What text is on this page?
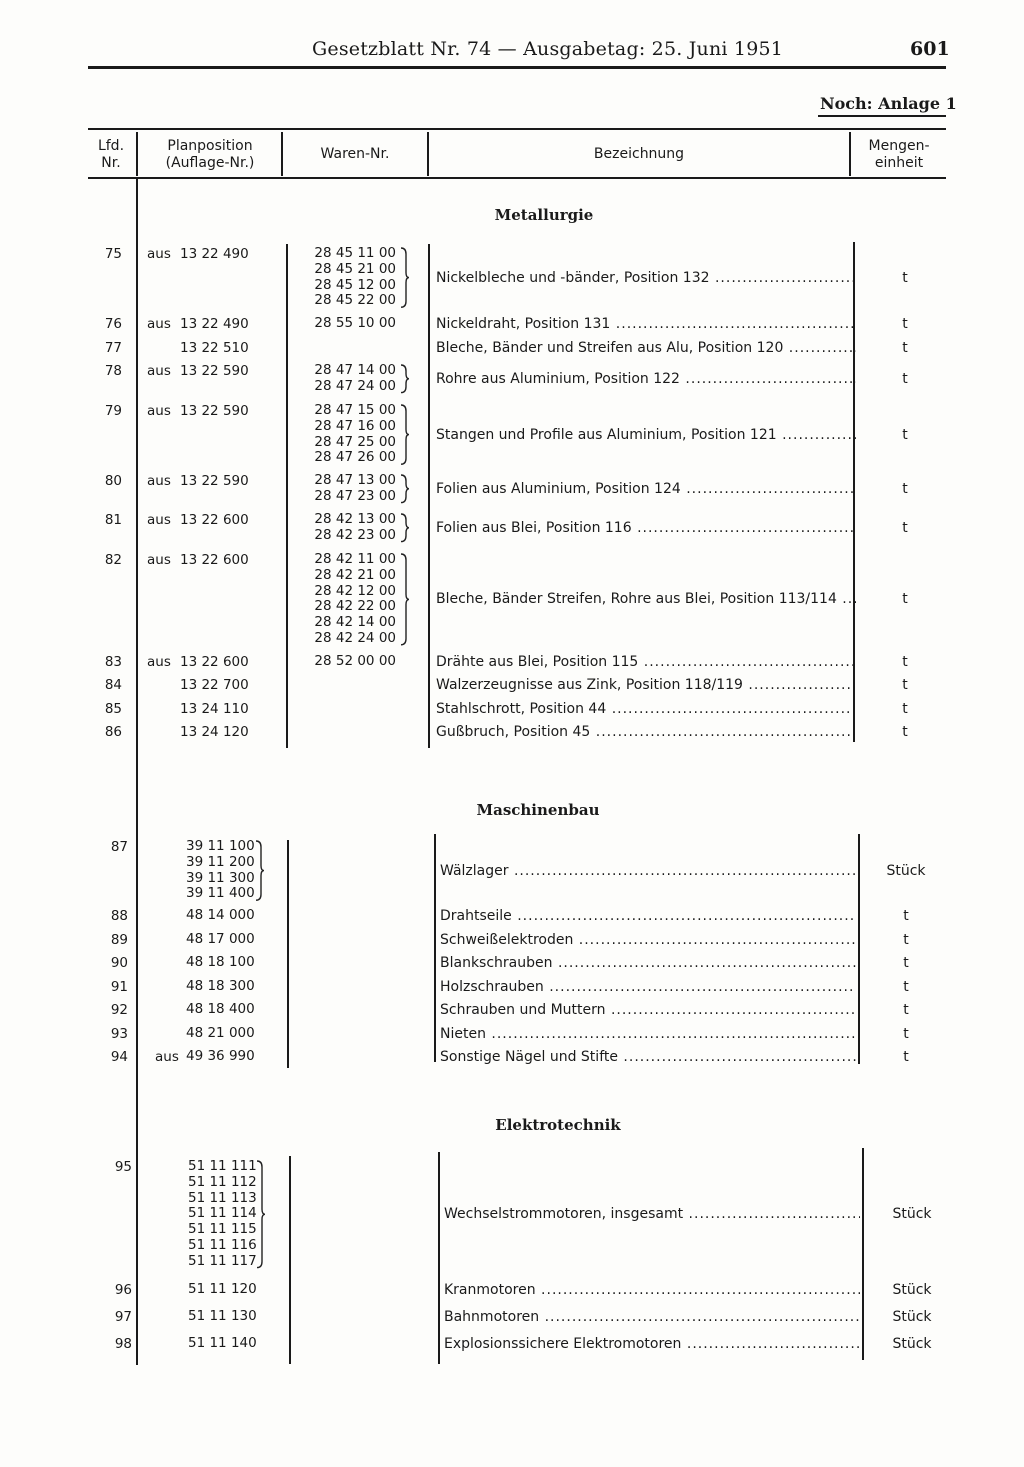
Gesetzblatt Nr. 74 — Ausgabetag: 25. Juni 1951	601
Noch: Anlage 1
Lfd.
Nr.
Planposition
(Auflage-Nr.)
Waren-Nr.	Bezeichnung	Mengen-
einheit
Metallurgie
75 aus 13 22 490	28 45 11 00
28 45 21 00
28 45 12 00
28 45 22 00
Nickelbleche und -bänder, Position 132 .....	t
76 aus 13 22 490	28 55 10 00	Nickeldraht, Position 131 .....	t
77	13 22 510	Bleche, Bänder und Streifen aus Alu, Position 120 .....	t
78 aus 13 22 590	28 47 14 00
28 47 24 00	Rohre aus Aluminium, Position 122 .....	t
79 aus 13 22 590	28 47 15 00
28 47 16 00
28 47 25 00
28 47 26 00
Stangen und Profile aus Aluminium, Position 121 .....	t
80 aus 13 22 590	28 47 13 00
28 47 23 00	Folien aus Aluminium, Position 124 .....	t
81 aus 13 22 600	28 42 13 00
28 42 23 00	Folien aus Blei, Position 116 .....	t
82 aus 13 22 600	28 42 11 00
28 42 21 00
28 42 12 00
28 42 22 00
28 42 14 00
28 42 24 00
Bleche, Bänder Streifen, Rohre aus Blei, Position 113/114 .....	t
83 aus 13 22 600	28 52 00 00	Drähte aus Blei, Position 115 .....	t
84	13 22 700	Walzerzeugnisse aus Zink, Position 118/119 .....	t
85	13 24 110	Stahlschrott, Position 44 .....	t
86	13 24 120	Gußbruch, Position 45 .....	t
Maschinenbau
87	39 11 100
39 11 200
39 11 300
39 11 400
Wälzlager .....	Stück
88	48 14 000	Drahtseile .....	t
89	48 17 000	Schweißelektroden .....	t
90	48 18 100	Blankschrauben .....	t
91	48 18 300	Holzschrauben .....	t
92	48 18 400	Schrauben und Muttern .....	t
93	48 21 000	Nieten .....	t
94 aus 49 36 990	Sonstige Nägel und Stifte .....	t
Elektrotechnik
95	51 11 111
51 11 112
51 11 113
51 11 114
51 11 115
51 11 116
51 11 117
Wechselstrommotoren, insgesamt .....	Stück
96	51 11 120	Kranmotoren .....	Stück
97	51 11 130	Bahnmotoren .....	Stück
98	51 11 140	Explosionssichere Elektromotoren .....	Stück
